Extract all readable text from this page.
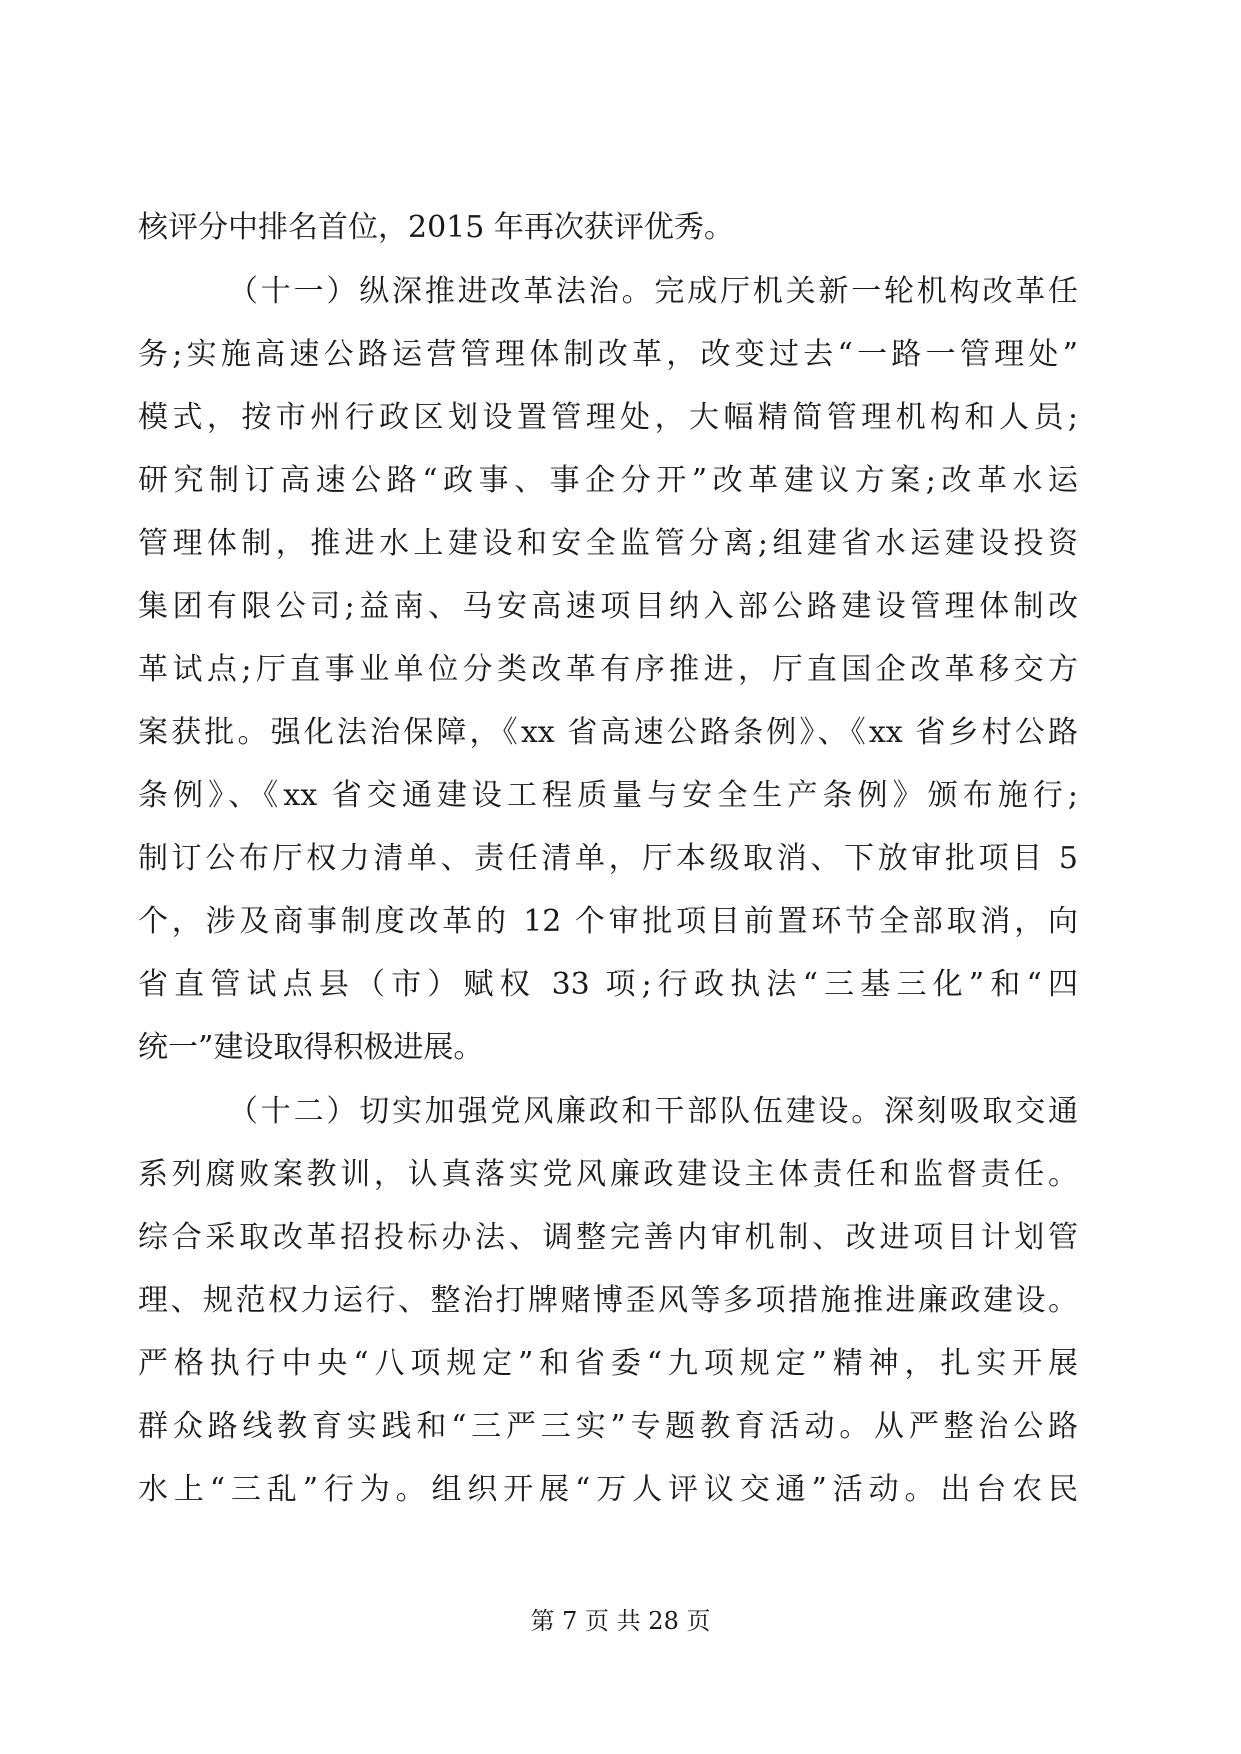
核评分中排名首位，2015 年再次获评优秀。
（十一）纵深推进改革法治。完成厅机关新一轮机构改革任
务;实施高速公路运营管理体制改革，改变过去“一路一管理处”
模式，按市州行政区划设置管理处，大幅精简管理机构和人员;
研究制订高速公路“政事、事企分开”改革建议方案;改革水运
管理体制，推进水上建设和安全监管分离;组建省水运建设投资
集团有限公司;益南、马安高速项目纳入部公路建设管理体制改
革试点;厅直事业单位分类改革有序推进，厅直国企改革移交方
案获批。强化法治保障，《xx 省高速公路条例》、《xx 省乡村公路
条例》、《xx 省交通建设工程质量与安全生产条例》颁布施行;
制订公布厅权力清单、责任清单，厅本级取消、下放审批项目 5
个，涉及商事制度改革的 12 个审批项目前置环节全部取消，向
省直管试点县（市）赋权 33 项;行政执法“三基三化”和“四
统一”建设取得积极进展。
（十二）切实加强党风廉政和干部队伍建设。深刻吸取交通
系列腐败案教训，认真落实党风廉政建设主体责任和监督责任。
综合采取改革招投标办法、调整完善内审机制、改进项目计划管
理、规范权力运行、整治打牌赌博歪风等多项措施推进廉政建设。
严格执行中央“八项规定”和省委“九项规定”精神，扎实开展
群众路线教育实践和“三严三实”专题教育活动。从严整治公路
水上“三乱”行为。组织开展“万人评议交通”活动。出台农民
第 7 页 共 28 页
